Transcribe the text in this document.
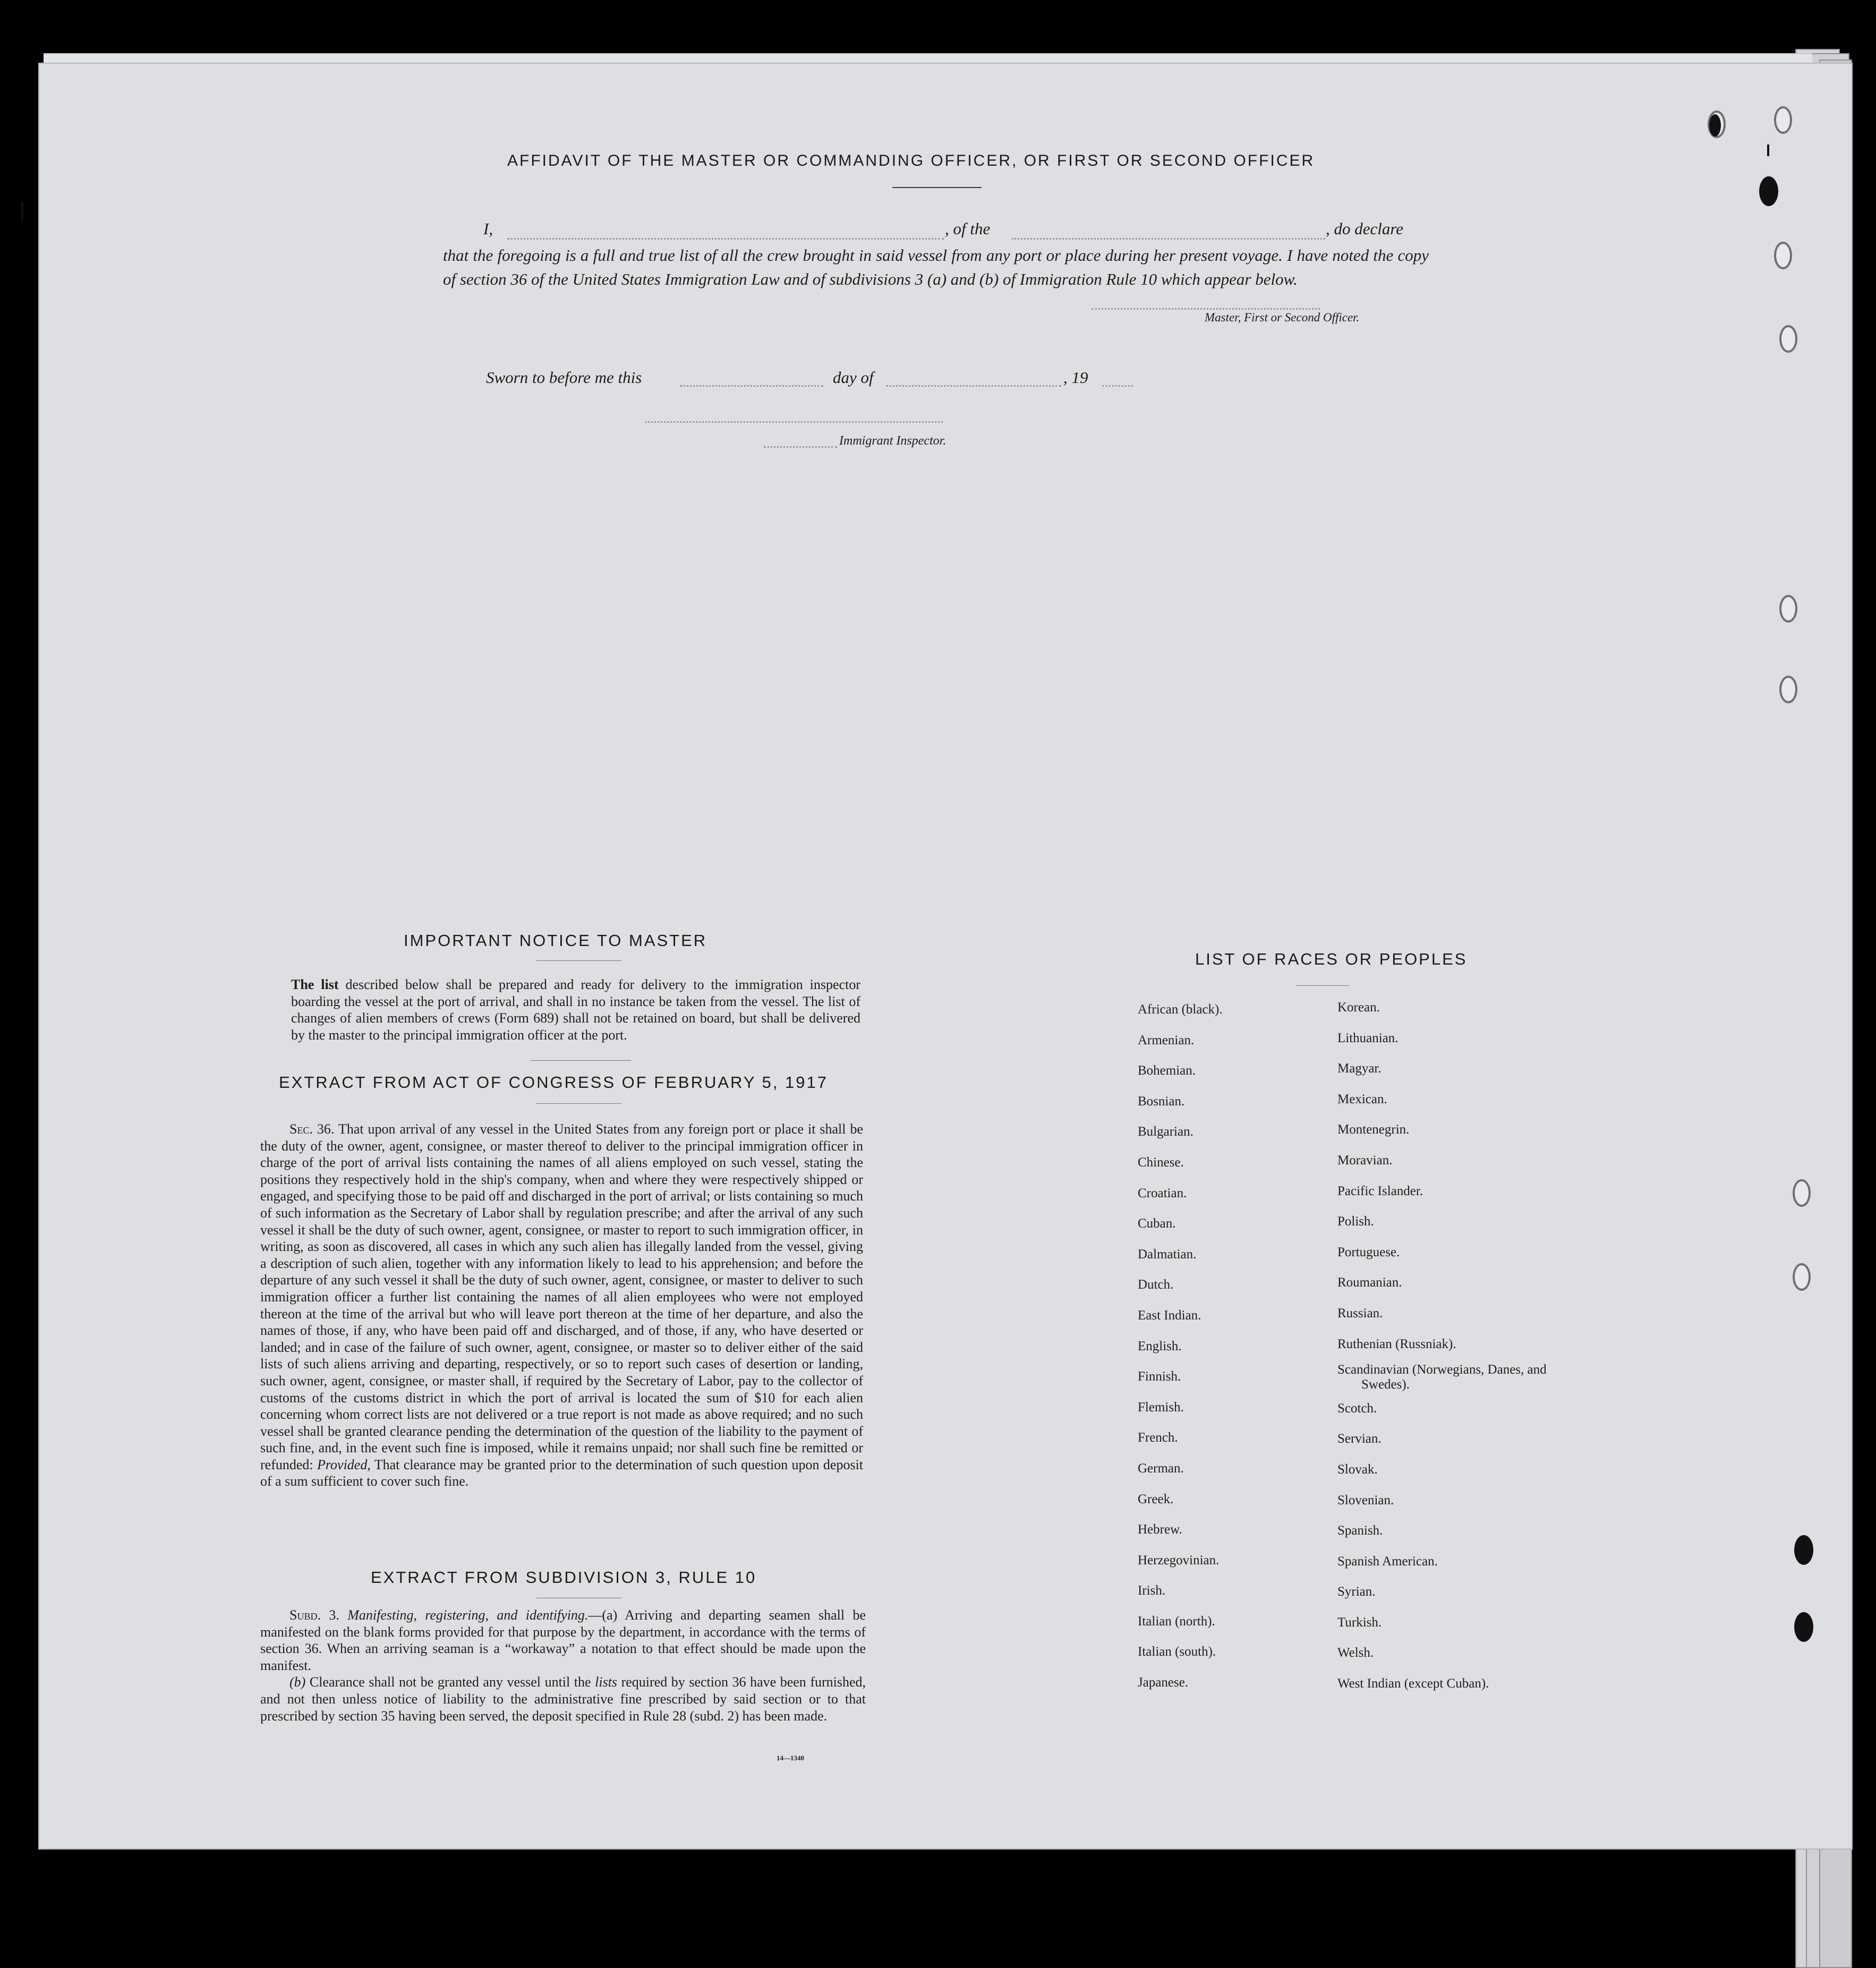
AFFIDAVIT OF THE MASTER OR COMMANDING OFFICER, OR FIRST OR SECOND OFFICER
I,	, of the	, do declare
that the foregoing is a full and true list of all the crew brought in said vessel from any port or place during her present voyage. I have noted the copy of section 36 of the United States Immigration Law and of subdivisions 3 (a) and (b) of Immigration Rule 10 which appear below.
Master, First or Second Officer.
Sworn to before me this	day of	, 19
Immigrant Inspector.
IMPORTANT NOTICE TO MASTER

The list described below shall be prepared and ready for delivery to the immigration inspector boarding the vessel at the port of arrival, and shall in no instance be taken from the vessel. The list of changes of alien members of crews (Form 689) shall not be retained on board, but shall be delivered by the master to the principal immigration officer at the port.

EXTRACT FROM ACT OF CONGRESS OF FEBRUARY 5, 1917

Sec. 36. That upon arrival of any vessel in the United States from any foreign port or place it shall be the duty of the owner, agent, consignee, or master thereof to deliver to the principal immigration officer in charge of the port of arrival lists containing the names of all aliens employed on such vessel, stating the positions they respectively hold in the ship's company, when and where they were respectively shipped or engaged, and specifying those to be paid off and discharged in the port of arrival; or lists containing so much of such information as the Secretary of Labor shall by regulation prescribe; and after the arrival of any such vessel it shall be the duty of such owner, agent, consignee, or master to report to such immigration officer, in writing, as soon as discovered, all cases in which any such alien has illegally landed from the vessel, giving a description of such alien, together with any information likely to lead to his apprehension; and before the departure of any such vessel it shall be the duty of such owner, agent, consignee, or master to deliver to such immigration officer a further list containing the names of all alien employees who were not employed thereon at the time of the arrival but who will leave port thereon at the time of her departure, and also the names of those, if any, who have been paid off and discharged, and of those, if any, who have deserted or landed; and in case of the failure of such owner, agent, consignee, or master so to deliver either of the said lists of such aliens arriving and departing, respectively, or so to report such cases of desertion or landing, such owner, agent, consignee, or master shall, if required by the Secretary of Labor, pay to the collector of customs of the customs district in which the port of arrival is located the sum of $10 for each alien concerning whom correct lists are not delivered or a true report is not made as above required; and no such vessel shall be granted clearance pending the determination of the question of the liability to the payment of such fine, and, in the event such fine is imposed, while it remains unpaid; nor shall such fine be remitted or refunded: Provided, That clearance may be granted prior to the determination of such question upon deposit of a sum sufficient to cover such fine.

EXTRACT FROM SUBDIVISION 3, RULE 10

Subd. 3. Manifesting, registering, and identifying.—(a) Arriving and departing seamen shall be manifested on the blank forms provided for that purpose by the department, in accordance with the terms of section 36. When an arriving seaman is a “workaway” a notation to that effect should be made upon the manifest.

(b) Clearance shall not be granted any vessel until the lists required by section 36 have been furnished, and not then unless notice of liability to the administrative fine prescribed by said section or to that prescribed by section 35 having been served, the deposit specified in Rule 28 (subd. 2) has been made.

14—1340
LIST OF RACES OR PEOPLES
African (black).
Armenian.
Bohemian.
Bosnian.
Bulgarian.
Chinese.
Croatian.
Cuban.
Dalmatian.
Dutch.
East Indian.
English.
Finnish.
Flemish.
French.
German.
Greek.
Hebrew.
Herzegovinian.
Irish.
Italian (north).
Italian (south).
Japanese.
Korean.
Lithuanian.
Magyar.
Mexican.
Montenegrin.
Moravian.
Pacific Islander.
Polish.
Portuguese.
Roumanian.
Russian.
Ruthenian (Russniak).
Scandinavian (Norwegians, Danes, and Swedes).
Scotch.
Servian.
Slovak.
Slovenian.
Spanish.
Spanish American.
Syrian.
Turkish.
Welsh.
West Indian (except Cuban).
